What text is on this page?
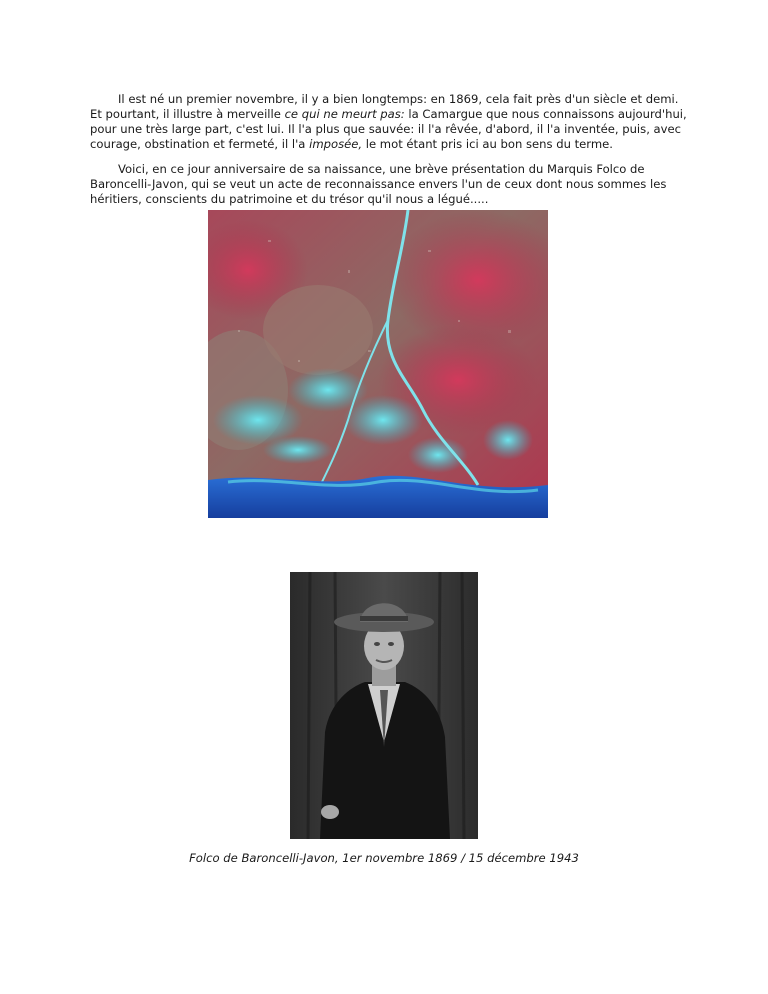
Il est né un premier novembre, il y a bien longtemps: en 1869, cela fait près d'un siècle et demi. Et pourtant, il illustre à merveille ce qui ne meurt pas: la Camargue que nous connaissons aujourd'hui, pour une très large part, c'est lui. Il l'a plus que sauvée: il l'a rêvée, d'abord, il l'a inventée, puis, avec courage, obstination et fermeté, il l'a imposée, le mot étant pris ici au bon sens du terme.

Voici, en ce jour anniversaire de sa naissance, une brève présentation du Marquis Folco de Baroncelli-Javon, qui se veut un acte de reconnaissance envers l'un de ceux dont nous sommes les héritiers, conscients du patrimoine et du trésor qu'il nous a légué.....

Folco de Baroncelli-Javon, 1er novembre 1869 / 15 décembre 1943
